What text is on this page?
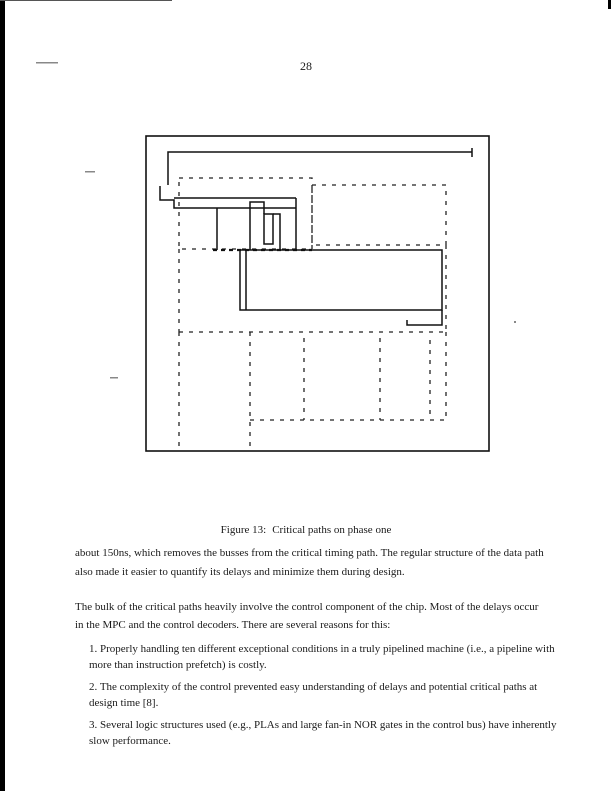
28
Figure 13: Critical paths on phase one
about 150ns, which removes the busses from the critical timing path. The regular structure of the data path
also made it easier to quantify its delays and minimize them during design.
The bulk of the critical paths heavily involve the control component of the chip. Most of the delays occur
in the MPC and the control decoders. There are several reasons for this:
1. Properly handling ten different exceptional conditions in a truly pipelined machine (i.e., a pipeline with more than instruction prefetch) is costly.
2. The complexity of the control prevented easy understanding of delays and potential critical paths at design time [8].
3. Several logic structures used (e.g., PLAs and large fan-in NOR gates in the control bus) have inherently slow performance.
